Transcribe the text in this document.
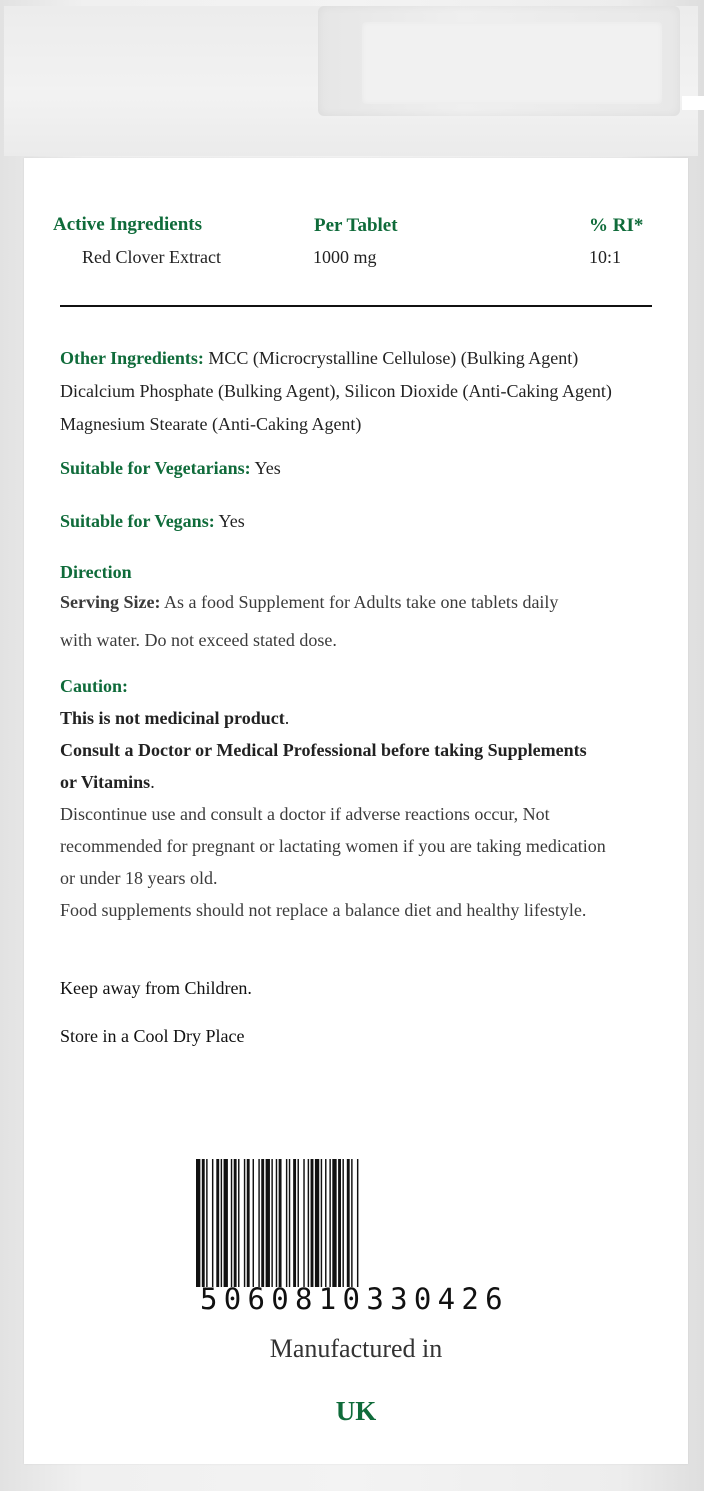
Active Ingredients	Per Tablet	% RI*
Red Clover Extract	1000 mg	10:1
Other Ingredients: MCC (Microcrystalline Cellulose) (Bulking Agent)
Dicalcium Phosphate (Bulking Agent), Silicon Dioxide (Anti-Caking Agent)
Magnesium Stearate (Anti-Caking Agent)
Suitable for Vegetarians: Yes
Suitable for Vegans: Yes
Direction
Serving Size: As a food Supplement for Adults take one tablets daily
with water. Do not exceed stated dose.
Caution:
This is not medicinal product.
Consult a Doctor or Medical Professional before taking Supplements
or Vitamins.
Discontinue use and consult a doctor if adverse reactions occur, Not
recommended for pregnant or lactating women if you are taking medication
or under 18 years old.
Food supplements should not replace a balance diet and healthy lifestyle.
Keep away from Children.
Store in a Cool Dry Place
5060810330426
Manufactured in
UK
